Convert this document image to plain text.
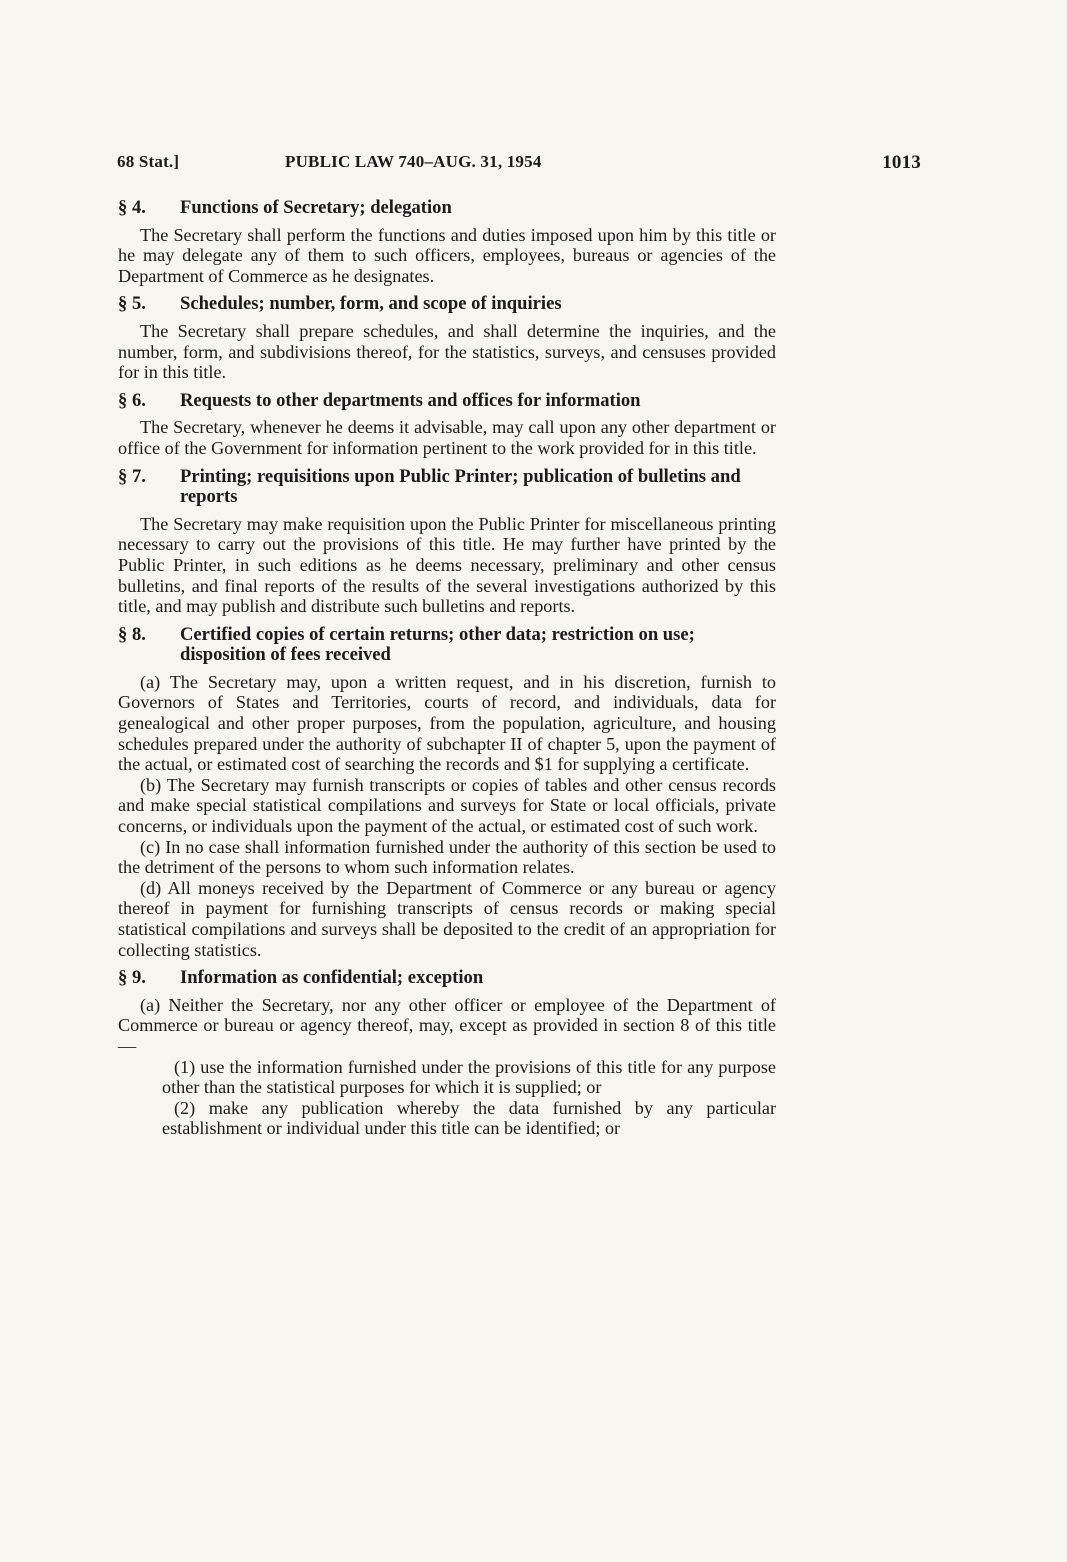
68 Stat.]	PUBLIC LAW 740–AUG. 31, 1954	1013
§ 4. Functions of Secretary; delegation

The Secretary shall perform the functions and duties imposed upon him by this title or he may delegate any of them to such officers, employees, bureaus or agencies of the Department of Commerce as he designates.

§ 5. Schedules; number, form, and scope of inquiries

The Secretary shall prepare schedules, and shall determine the inquiries, and the number, form, and subdivisions thereof, for the statistics, surveys, and censuses provided for in this title.

§ 6. Requests to other departments and offices for information

The Secretary, whenever he deems it advisable, may call upon any other department or office of the Government for information pertinent to the work provided for in this title.

§ 7. Printing; requisitions upon Public Printer; publication of bulletins and reports

The Secretary may make requisition upon the Public Printer for miscellaneous printing necessary to carry out the provisions of this title. He may further have printed by the Public Printer, in such editions as he deems necessary, preliminary and other census bulletins, and final reports of the results of the several investigations authorized by this title, and may publish and distribute such bulletins and reports.

§ 8. Certified copies of certain returns; other data; restriction on use; disposition of fees received

(a) The Secretary may, upon a written request, and in his discretion, furnish to Governors of States and Territories, courts of record, and individuals, data for genealogical and other proper purposes, from the population, agriculture, and housing schedules prepared under the authority of subchapter II of chapter 5, upon the payment of the actual, or estimated cost of searching the records and $1 for supplying a certificate.

(b) The Secretary may furnish transcripts or copies of tables and other census records and make special statistical compilations and surveys for State or local officials, private concerns, or individuals upon the payment of the actual, or estimated cost of such work.

(c) In no case shall information furnished under the authority of this section be used to the detriment of the persons to whom such information relates.

(d) All moneys received by the Department of Commerce or any bureau or agency thereof in payment for furnishing transcripts of census records or making special statistical compilations and surveys shall be deposited to the credit of an appropriation for collecting statistics.

§ 9. Information as confidential; exception

(a) Neither the Secretary, nor any other officer or employee of the Department of Commerce or bureau or agency thereof, may, except as provided in section 8 of this title—

(1) use the information furnished under the provisions of this title for any purpose other than the statistical purposes for which it is supplied; or

(2) make any publication whereby the data furnished by any particular establishment or individual under this title can be identified; or
